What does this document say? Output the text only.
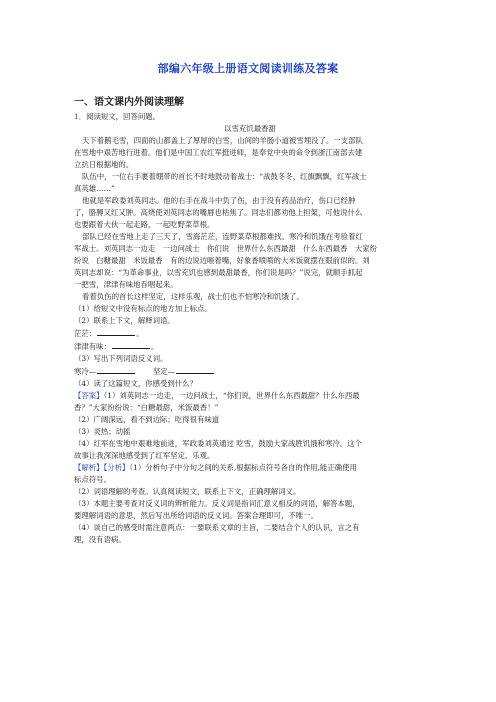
部编六年级上册语文阅读训练及答案
一、语文课内外阅读理解
1．阅读短文，回答问题。
以雪充饥最香甜
天下着鹅毛雪，四面的山都盖上了厚厚的白雪，山间的羊肠小道被雪埋没了。一支部队
在雪地中艰苦地行进着。他们是中国工农红军挺进师，是奉党中央的命令到浙江南部去建
立抗日根据地的。
队伍中，一位右手裹着绷带的首长不时地鼓动着战士：“战鼓冬冬，红旗飘飘，红军战士
真英雄……”
他就是军政委刘英同志。他的右手在战斗中负了伤，由于没有药品治疗，伤口已经肿
了，胳膊又红又肿。高烧使刘英同志的嘴唇也枯焦了。同志们都劝他上担架，可他说什么
也要跟着大伙一起走路，一起吃野菜草根。
部队已经在雪地上走了三天了，雪海茫茫，连野菜草根都难找。寒冷和饥饿在考验着红
军战士。刘英同志一边走　一边问战士　你们说　世界什么东西最甜　什么东西最香　大家纷
纷说　白糖最甜　米饭最香　有的边说边咂着嘴，好象香喷喷的大米饭就摆在眼前似的。刘
英同志却说：“为革命事业，以雪充饥也感到最甜最香，你们说是吗？”说完，就顺手抓起
一把雪，津津有味地吞咽起来。
看着负伤的首长这样坚定，这样乐观，战士们也不怕寒冷和饥饿了。
（1）给短文中没有标点的地方加上标点。
（2）联系上下文，解释词语。
茫茫：	。
津津有味：	。
（3）写出下列词语反义词。
寒冷—	坚定—
（4）读了这篇短文，你感受到什么？
【答案】（1）刘英同志一边走，一边问战士，“你们说，世界什么东西最甜？什么东西最
香？”大家纷纷说：“白糖最甜，米饭最香！”
（2）广阔深远，看不到边际；吃得很有味道
（3）炎热；动摇
（4）红军在雪地中艰难地前进，军政委刘英通过 吃雪，鼓励大家战胜饥饿和寒冷。这个
故事让我深深地感受到了红军坚定、乐观。
【解析】【分析】（1）分析句子中分句之间的关系,根据标点符号各自的作用,能正确使用
标点符号。
（2）词语理解的考查。认真阅读短文，联系上下文，正确理解词义。
（3）本题主要考查对反义词的辨析能力。反义词是指词汇意义相反的词语，解答本题，
要理解词语的意思，然后写出所给词语的反义词。答案合理即可，不唯一。
（4）谈自己的感受时需注意两点：一要联系文章的主旨，二要结合个人的认识，言之有
理，没有语病。
